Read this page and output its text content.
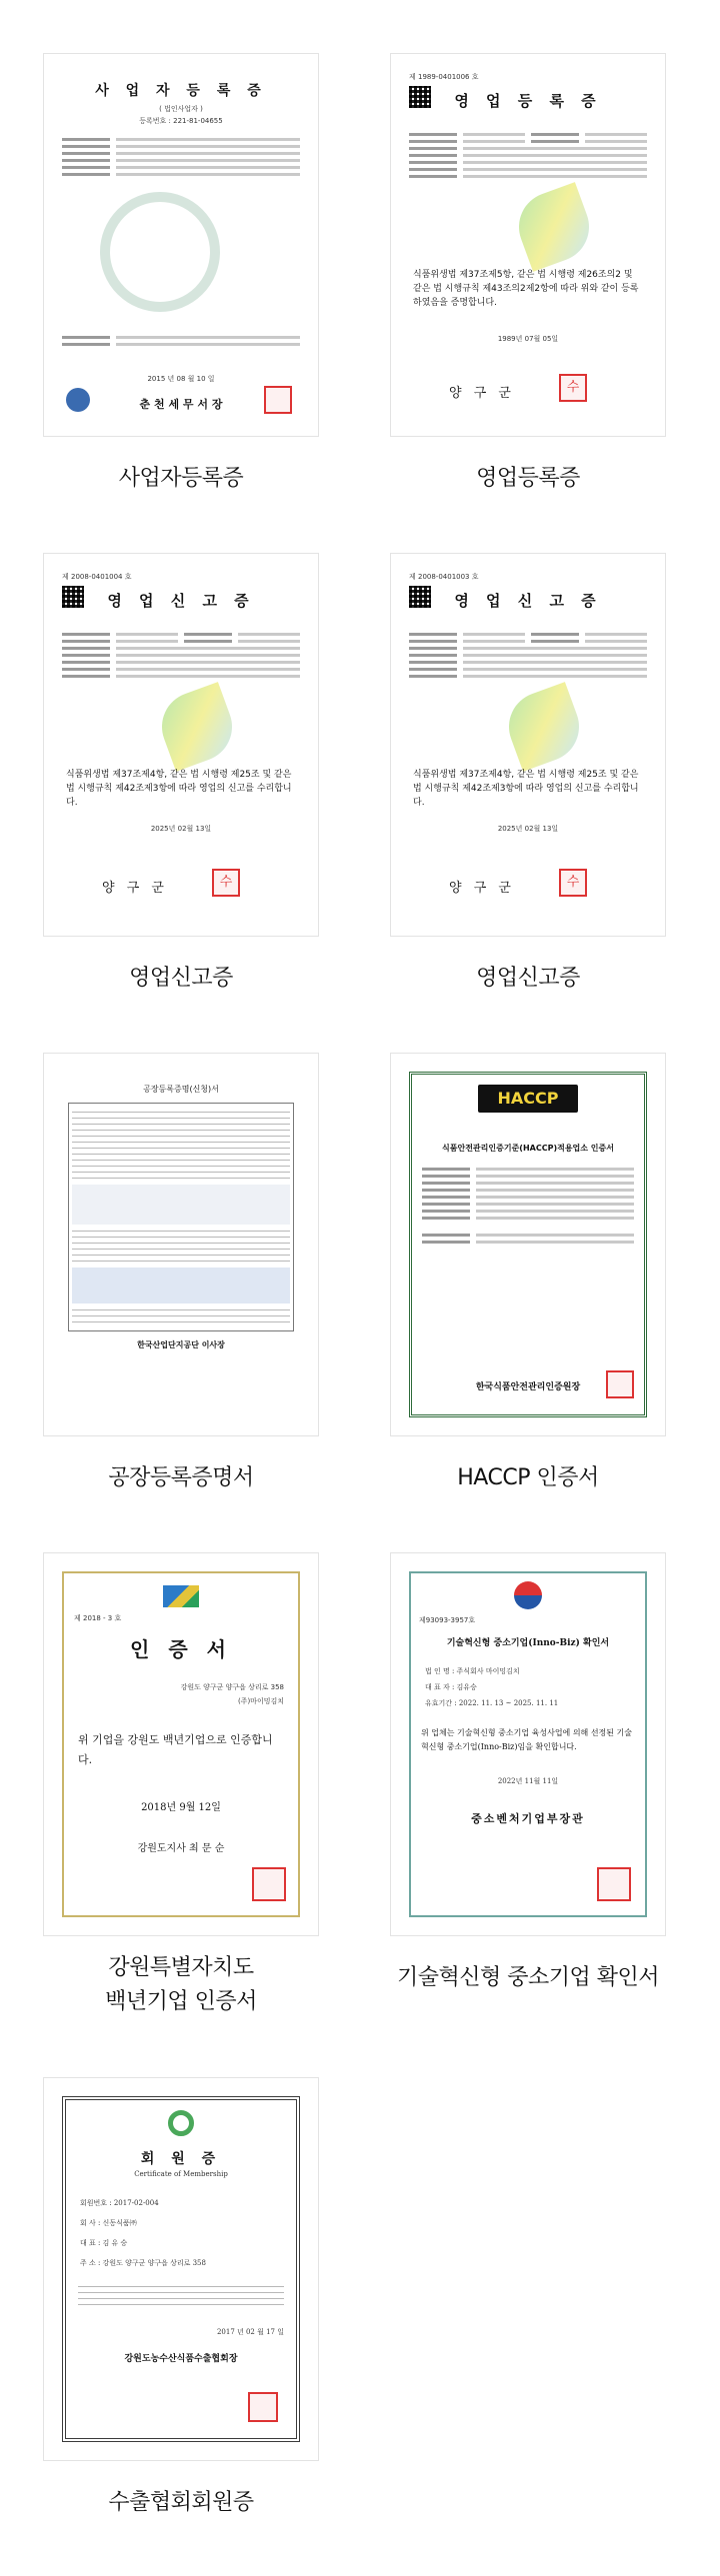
사 업 자 등 록 증
( 법인사업자 )
등록번호 : 221-81-04655
2015 년 08 월 10 일
춘 천 세 무 서 장
사업자등록증
제 1989-0401006 호
영 업 등 록 증
식품위생법 제37조제5항, 같은 법 시행령 제26조의2 및 같은 법 시행규칙 제43조의2제2항에 따라 위와 같이 등록하였음을 증명합니다.
1989년 07월 05일
양 구 군	수
영업등록증
제 2008-0401004 호
영 업 신 고 증
식품위생법 제37조제4항, 같은 법 시행령 제25조 및 같은 법 시행규칙 제42조제3항에 따라 영업의 신고를 수리합니다.
2025년 02월 13일
양 구 군	수
영업신고증
제 2008-0401003 호
영 업 신 고 증
식품위생법 제37조제4항, 같은 법 시행령 제25조 및 같은 법 시행규칙 제42조제3항에 따라 영업의 신고를 수리합니다.
2025년 02월 13일
양 구 군	수
영업신고증
공장등록증명(신청)서
한국산업단지공단 이사장
공장등록증명서
HACCP
식품안전관리인증기준(HACCP)적용업소 인증서
한국식품안전관리인증원장
HACCP 인증서
제 2018 - 3 호
인 증 서
강원도 양구군 양구읍 상리로 358
(주)마이밍김치
위 기업을 강원도 백년기업으로 인증합니다.
2018년 9월 12일
강원도지사 최 문 순
강원특별자치도
백년기업 인증서
제93093-3957호
기술혁신형 중소기업(Inno-Biz) 확인서
법 인 명 : 주식회사 마이밍김치
대 표 자 : 김유승
유효기간 : 2022. 11. 13 ~ 2025. 11. 11
위 업체는 기술혁신형 중소기업 육성사업에 의해 선정된 기술혁신형 중소기업(Inno-Biz)임을 확인합니다.
2022년 11월 11일
중소벤처기업부장관
기술혁신형 중소기업 확인서
회 원 증
Certificate of Membership
회원번호 : 2017-02-004
회 사 : 신동식품㈜
대 표 : 김 유 승
주 소 : 강원도 양구군 양구읍 상리로 358
2017 년 02 월 17 일
강원도농수산식품수출협회장
수출협회회원증
